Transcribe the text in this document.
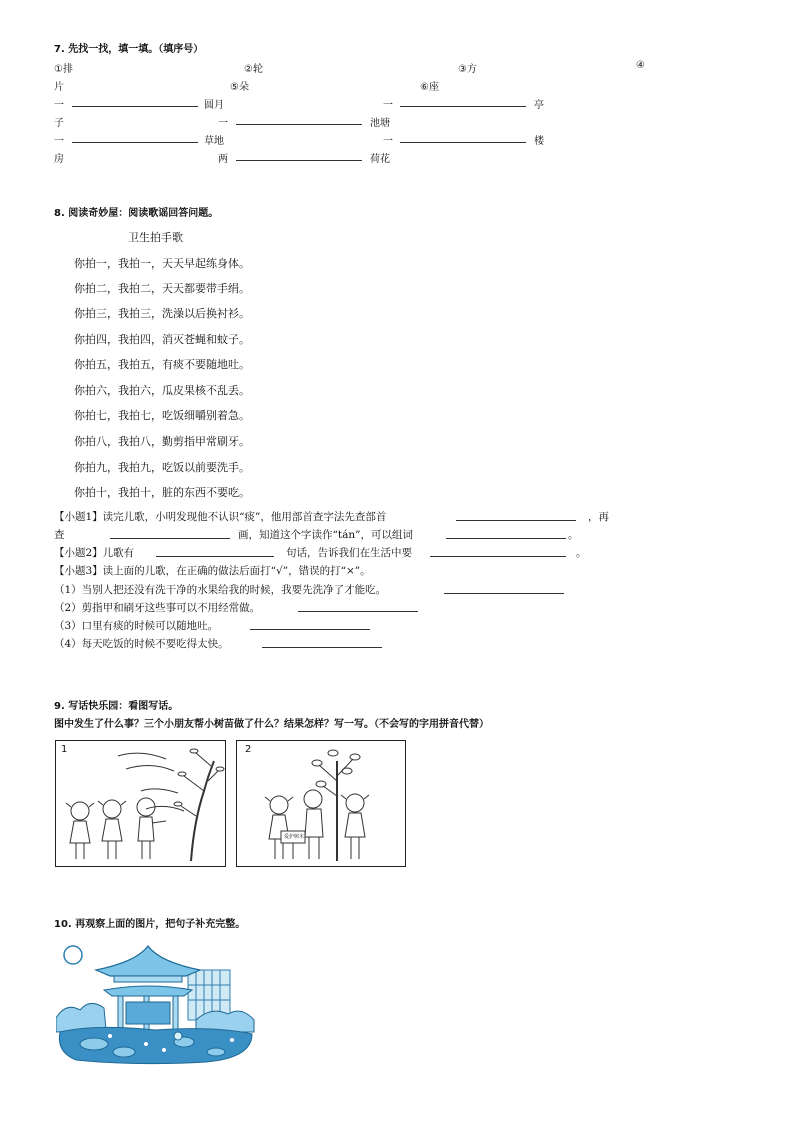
7. 先找一找，填一填。（填序号）
①排	②轮	③方	④
片	⑤朵	⑥座
一	圆月	一	亭
子	一	池塘
一	草地	一	楼
房	两	荷花
8. 阅读奇妙屋：阅读歌谣回答问题。
卫生拍手歌
你拍一，我拍一，天天早起练身体。
你拍二，我拍二，天天都要带手绢。
你拍三，我拍三，洗澡以后换衬衫。
你拍四，我拍四，消灭苍蝇和蚊子。
你拍五，我拍五，有痰不要随地吐。
你拍六，我拍六，瓜皮果核不乱丢。
你拍七，我拍七，吃饭细嚼别着急。
你拍八，我拍八，勤剪指甲常刷牙。
你拍九，我拍九，吃饭以前要洗手。
你拍十，我拍十，脏的东西不要吃。
【小题1】读完儿歌，小明发现他不认识“痰”，他用部首查字法先查部首	，再
查	画，知道这个字读作“tán”，可以组词	。
【小题2】儿歌有	句话，告诉我们在生活中要	。
【小题3】读上面的儿歌，在正确的做法后面打“√”，错误的打“×”。
（1）当别人把还没有洗干净的水果给我的时候，我要先洗净了才能吃。
（2）剪指甲和刷牙这些事可以不用经常做。
（3）口里有痰的时候可以随地吐。
（4）每天吃饭的时候不要吃得太快。
9. 写话快乐园：看图写话。
图中发生了什么事？三个小朋友帮小树苗做了什么？结果怎样？写一写。（不会写的字用拼音代替）
1	2
爱护树木
10. 再观察上面的图片，把句子补充完整。
